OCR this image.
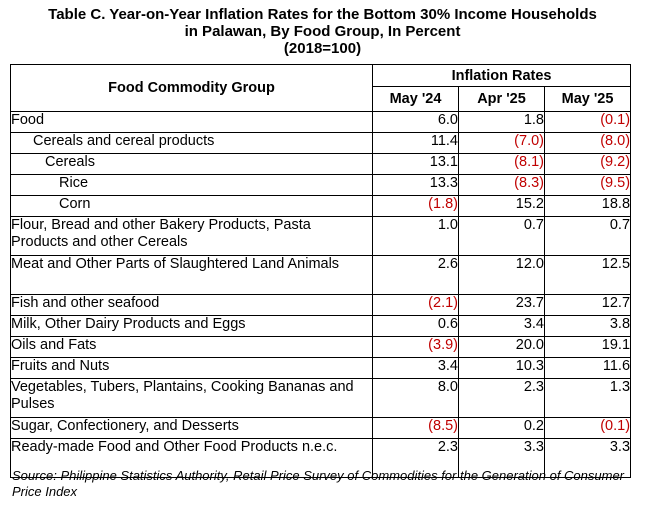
Table C. Year-on-Year Inflation Rates for the Bottom 30% Income Households
in Palawan, By Food Group, In Percent
(2018=100)
Food Commodity Group	Inflation Rates		
	May '24	Apr '25	May '25
Food	6.0	1.8	(0.1)
Cereals and cereal products	11.4	(7.0)	(8.0)
Cereals	13.1	(8.1)	(9.2)
Rice	13.3	(8.3)	(9.5)
Corn	(1.8)	15.2	18.8
Flour, Bread and other Bakery Products, Pasta Products and other Cereals	1.0	0.7	0.7
Meat and Other Parts of Slaughtered Land Animals	2.6	12.0	12.5
Fish and other seafood	(2.1)	23.7	12.7
Milk, Other Dairy Products and Eggs	0.6	3.4	3.8
Oils and Fats	(3.9)	20.0	19.1
Fruits and Nuts	3.4	10.3	11.6
Vegetables, Tubers, Plantains, Cooking Bananas and Pulses	8.0	2.3	1.3
Sugar, Confectionery, and Desserts	(8.5)	0.2	(0.1)
Ready-made Food and Other Food Products n.e.c.	2.3	3.3	3.3
Source: Philippine Statistics Authority, Retail Price Survey of Commodities for the Generation of Consumer Price Index
